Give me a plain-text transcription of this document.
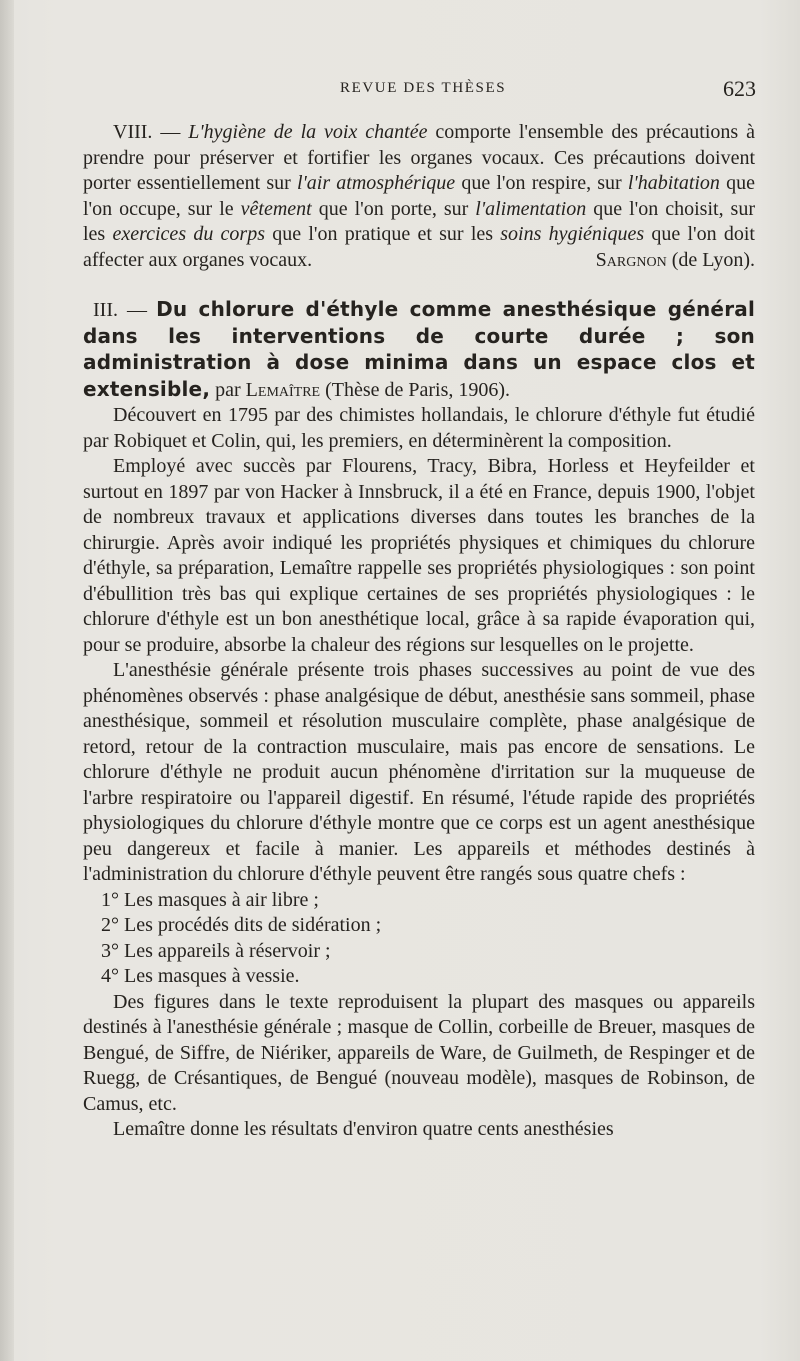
REVUE DES THÈSES	623

VIII. — L'hygiène de la voix chantée comporte l'ensemble des précautions à prendre pour préserver et fortifier les organes vocaux. Ces précautions doivent porter essentiellement sur l'air atmosphérique que l'on respire, sur l'habitation que l'on occupe, sur le vêtement que l'on porte, sur l'alimentation que l'on choisit, sur les exercices du corps que l'on pratique et sur les soins hygiéniques que l'on doit affecter aux organes vocaux.	Sargnon (de Lyon).

III. — Du chlorure d'éthyle comme anesthésique général dans les interventions de courte durée ; son administration à dose minima dans un espace clos et extensible, par Lemaître (Thèse de Paris, 1906).

Découvert en 1795 par des chimistes hollandais, le chlorure d'éthyle fut étudié par Robiquet et Colin, qui, les premiers, en déterminèrent la composition.

Employé avec succès par Flourens, Tracy, Bibra, Horless et Heyfeilder et surtout en 1897 par von Hacker à Innsbruck, il a été en France, depuis 1900, l'objet de nombreux travaux et applications diverses dans toutes les branches de la chirurgie. Après avoir indiqué les propriétés physiques et chimiques du chlorure d'éthyle, sa préparation, Lemaître rappelle ses propriétés physiologiques : son point d'ébullition très bas qui explique certaines de ses propriétés physiologiques : le chlorure d'éthyle est un bon anesthétique local, grâce à sa rapide évaporation qui, pour se produire, absorbe la chaleur des régions sur lesquelles on le projette.

L'anesthésie générale présente trois phases successives au point de vue des phénomènes observés : phase analgésique de début, anesthésie sans sommeil, phase anesthésique, sommeil et résolution musculaire complète, phase analgésique de retord, retour de la contraction musculaire, mais pas encore de sensations. Le chlorure d'éthyle ne produit aucun phénomène d'irritation sur la muqueuse de l'arbre respiratoire ou l'appareil digestif. En résumé, l'étude rapide des propriétés physiologiques du chlorure d'éthyle montre que ce corps est un agent anesthésique peu dangereux et facile à manier. Les appareils et méthodes destinés à l'administration du chlorure d'éthyle peuvent être rangés sous quatre chefs :

1° Les masques à air libre ;

2° Les procédés dits de sidération ;

3° Les appareils à réservoir ;

4° Les masques à vessie.

Des figures dans le texte reproduisent la plupart des masques ou appareils destinés à l'anesthésie générale ; masque de Collin, corbeille de Breuer, masques de Bengué, de Siffre, de Niériker, appareils de Ware, de Guilmeth, de Respinger et de Ruegg, de Crésantiques, de Bengué (nouveau modèle), masques de Robinson, de Camus, etc.

Lemaître donne les résultats d'environ quatre cents anesthésies
